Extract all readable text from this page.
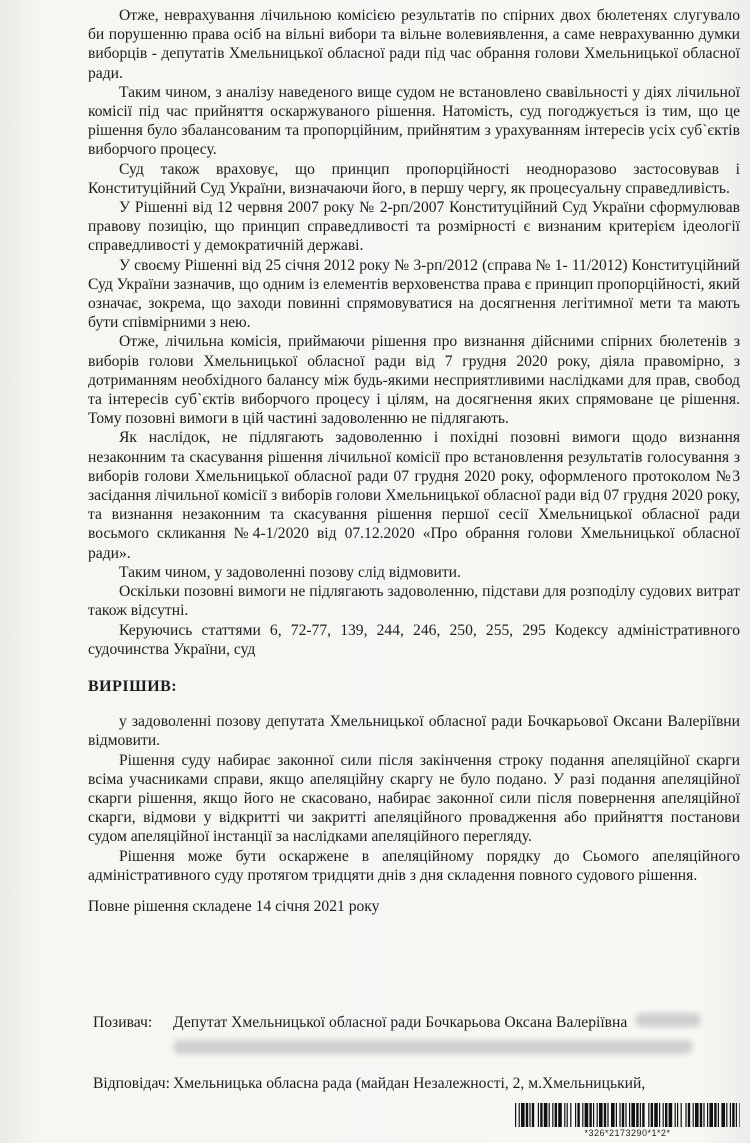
Отже, неврахування лічильною комісією результатів по спірних двох бюлетенях слугувало би порушенню права осіб на вільні вибори та вільне волевиявлення, а саме неврахуванню думки виборців - депутатів Хмельницької обласної ради під час обрання голови Хмельницької обласної ради.

Таким чином, з аналізу наведеного вище судом не встановлено свавільності у діях лічильної комісії під час прийняття оскаржуваного рішення. Натомість, суд погоджується із тим, що це рішення було збалансованим та пропорційним, прийнятим з урахуванням інтересів усіх суб`єктів виборчого процесу.

Суд також враховує, що принцип пропорційності неодноразово застосовував і Конституційний Суд України, визначаючи його, в першу чергу, як процесуальну справедливість.

У Рішенні від 12 червня 2007 року № 2-рп/2007 Конституційний Суд України сформулював правову позицію, що принцип справедливості та розмірності є визнаним критерієм ідеології справедливості у демократичній державі.

У своєму Рішенні від 25 січня 2012 року № 3-рп/2012 (справа № 1- 11/2012) Конституційний Суд України зазначив, що одним із елементів верховенства права є принцип пропорційності, який означає, зокрема, що заходи повинні спрямовуватися на досягнення легітимної мети та мають бути співмірними з нею.

Отже, лічильна комісія, приймаючи рішення про визнання дійсними спірних бюлетенів з виборів голови Хмельницької обласної ради від 7 грудня 2020 року, діяла правомірно, з дотриманням необхідного балансу між будь-якими несприятливими наслідками для прав, свобод та інтересів суб`єктів виборчого процесу і цілям, на досягнення яких спрямоване це рішення. Тому позовні вимоги в цій частині задоволенню не підлягають.

Як наслідок, не підлягають задоволенню і похідні позовні вимоги щодо визнання незаконним та скасування рішення лічильної комісії про встановлення результатів голосування з виборів голови Хмельницької обласної ради 07 грудня 2020 року, оформленого протоколом №3 засідання лічильної комісії з виборів голови Хмельницької обласної ради від 07 грудня 2020 року, та визнання незаконним та скасування рішення першої сесії Хмельницької обласної ради восьмого скликання №4-1/2020 від 07.12.2020 «Про обрання голови Хмельницької обласної ради».

Таким чином, у задоволенні позову слід відмовити.

Оскільки позовні вимоги не підлягають задоволенню, підстави для розподілу судових витрат також відсутні.

Керуючись статтями 6, 72-77, 139, 244, 246, 250, 255, 295 Кодексу адміністративного судочинства України, суд

ВИРІШИВ:

у задоволенні позову депутата Хмельницької обласної ради Бочкарьової Оксани Валеріївни відмовити.

Рішення суду набирає законної сили після закінчення строку подання апеляційної скарги всіма учасниками справи, якщо апеляційну скаргу не було подано. У разі подання апеляційної скарги рішення, якщо його не скасовано, набирає законної сили після повернення апеляційної скарги, відмови у відкритті чи закритті апеляційного провадження або прийняття постанови судом апеляційної інстанції за наслідками апеляційного перегляду.

Рішення може бути оскаржене в апеляційному порядку до Сьомого апеляційного адміністративного суду протягом тридцяти днів з дня складення повного судового рішення.

Повне рішення складене 14 січня 2021 року

Позивач:	Депутат Хмельницької обласної ради Бочкарьова Оксана Валеріївна
Відповідач: Хмельницька обласна рада (майдан Незалежності, 2, м.Хмельницький,
*326*2173290*1*2*
